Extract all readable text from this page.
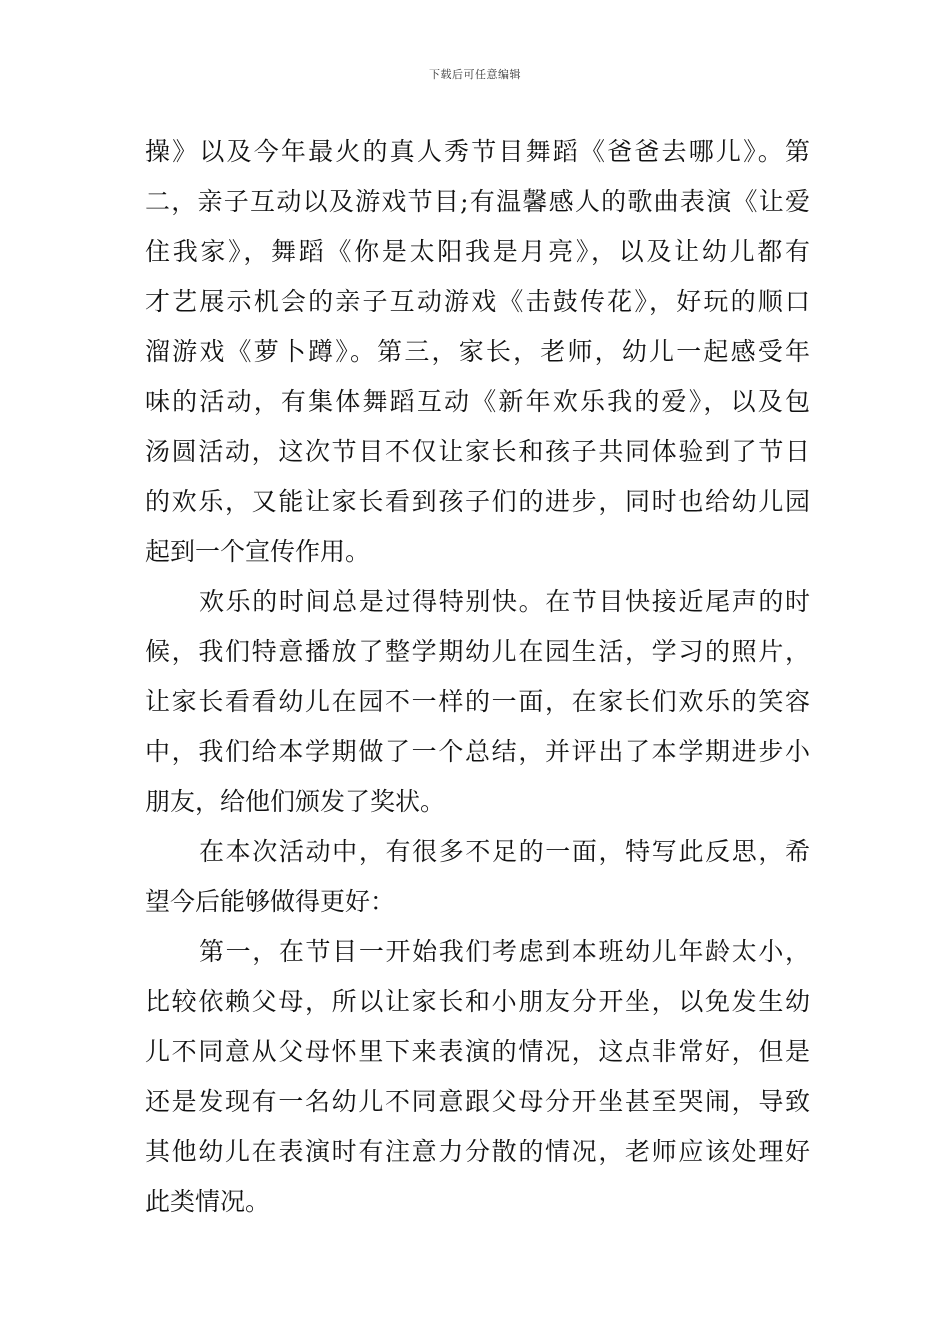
下载后可任意编辑
操》以及今年最火的真人秀节目舞蹈《爸爸去哪儿》。第
二，亲子互动以及游戏节目;有温馨感人的歌曲表演《让爱
住我家》，舞蹈《你是太阳我是月亮》，以及让幼儿都有
才艺展示机会的亲子互动游戏《击鼓传花》，好玩的顺口
溜游戏《萝卜蹲》。第三，家长，老师，幼儿一起感受年
味的活动，有集体舞蹈互动《新年欢乐我的爱》，以及包
汤圆活动，这次节目不仅让家长和孩子共同体验到了节日
的欢乐，又能让家长看到孩子们的进步，同时也给幼儿园
起到一个宣传作用。
欢乐的时间总是过得特别快。在节目快接近尾声的时
候，我们特意播放了整学期幼儿在园生活，学习的照片，
让家长看看幼儿在园不一样的一面，在家长们欢乐的笑容
中，我们给本学期做了一个总结，并评出了本学期进步小
朋友，给他们颁发了奖状。
在本次活动中，有很多不足的一面，特写此反思，希
望今后能够做得更好：
第一，在节目一开始我们考虑到本班幼儿年龄太小，
比较依赖父母，所以让家长和小朋友分开坐，以免发生幼
儿不同意从父母怀里下来表演的情况，这点非常好，但是
还是发现有一名幼儿不同意跟父母分开坐甚至哭闹，导致
其他幼儿在表演时有注意力分散的情况，老师应该处理好
此类情况。
